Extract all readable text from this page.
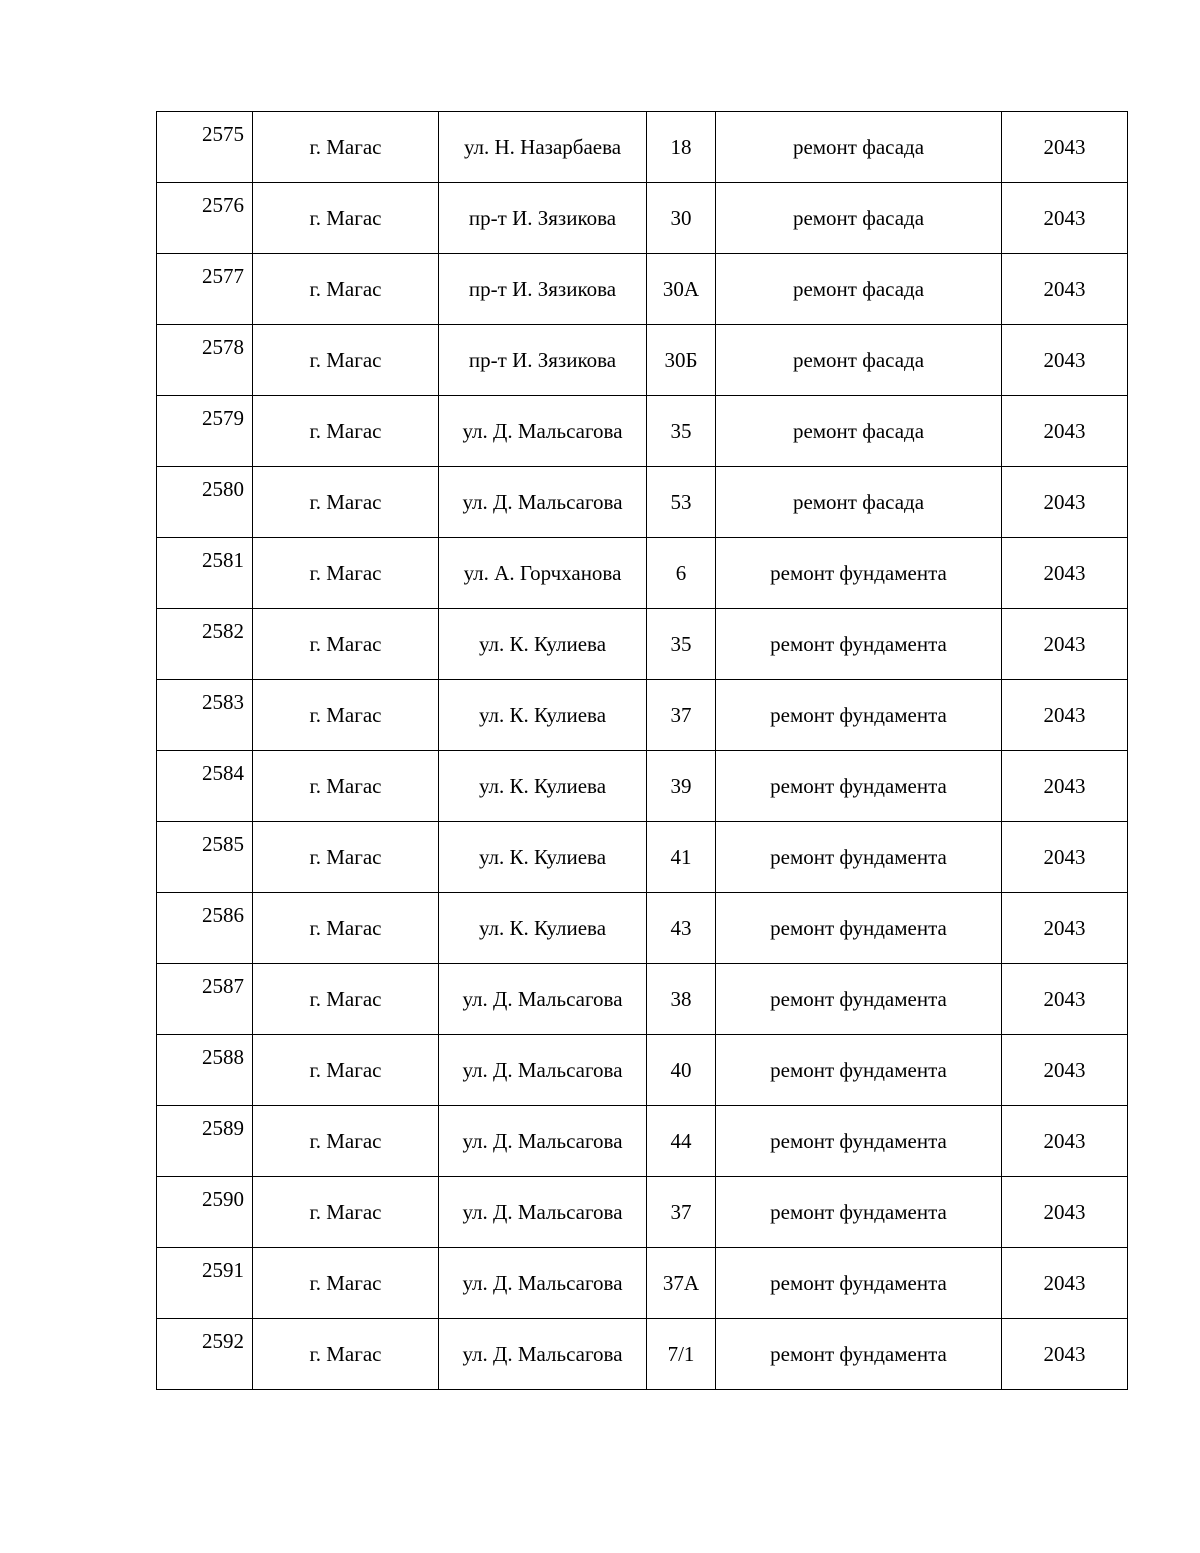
2575	г. Магас	ул. Н. Назарбаева	18	ремонт фасада	2043
2576	г. Магас	пр-т И. Зязикова	30	ремонт фасада	2043
2577	г. Магас	пр-т И. Зязикова	30А	ремонт фасада	2043
2578	г. Магас	пр-т И. Зязикова	30Б	ремонт фасада	2043
2579	г. Магас	ул. Д. Мальсагова	35	ремонт фасада	2043
2580	г. Магас	ул. Д. Мальсагова	53	ремонт фасада	2043
2581	г. Магас	ул. А. Горчханова	6	ремонт фундамента	2043
2582	г. Магас	ул. К. Кулиева	35	ремонт фундамента	2043
2583	г. Магас	ул. К. Кулиева	37	ремонт фундамента	2043
2584	г. Магас	ул. К. Кулиева	39	ремонт фундамента	2043
2585	г. Магас	ул. К. Кулиева	41	ремонт фундамента	2043
2586	г. Магас	ул. К. Кулиева	43	ремонт фундамента	2043
2587	г. Магас	ул. Д. Мальсагова	38	ремонт фундамента	2043
2588	г. Магас	ул. Д. Мальсагова	40	ремонт фундамента	2043
2589	г. Магас	ул. Д. Мальсагова	44	ремонт фундамента	2043
2590	г. Магас	ул. Д. Мальсагова	37	ремонт фундамента	2043
2591	г. Магас	ул. Д. Мальсагова	37А	ремонт фундамента	2043
2592	г. Магас	ул. Д. Мальсагова	7/1	ремонт фундамента	2043
